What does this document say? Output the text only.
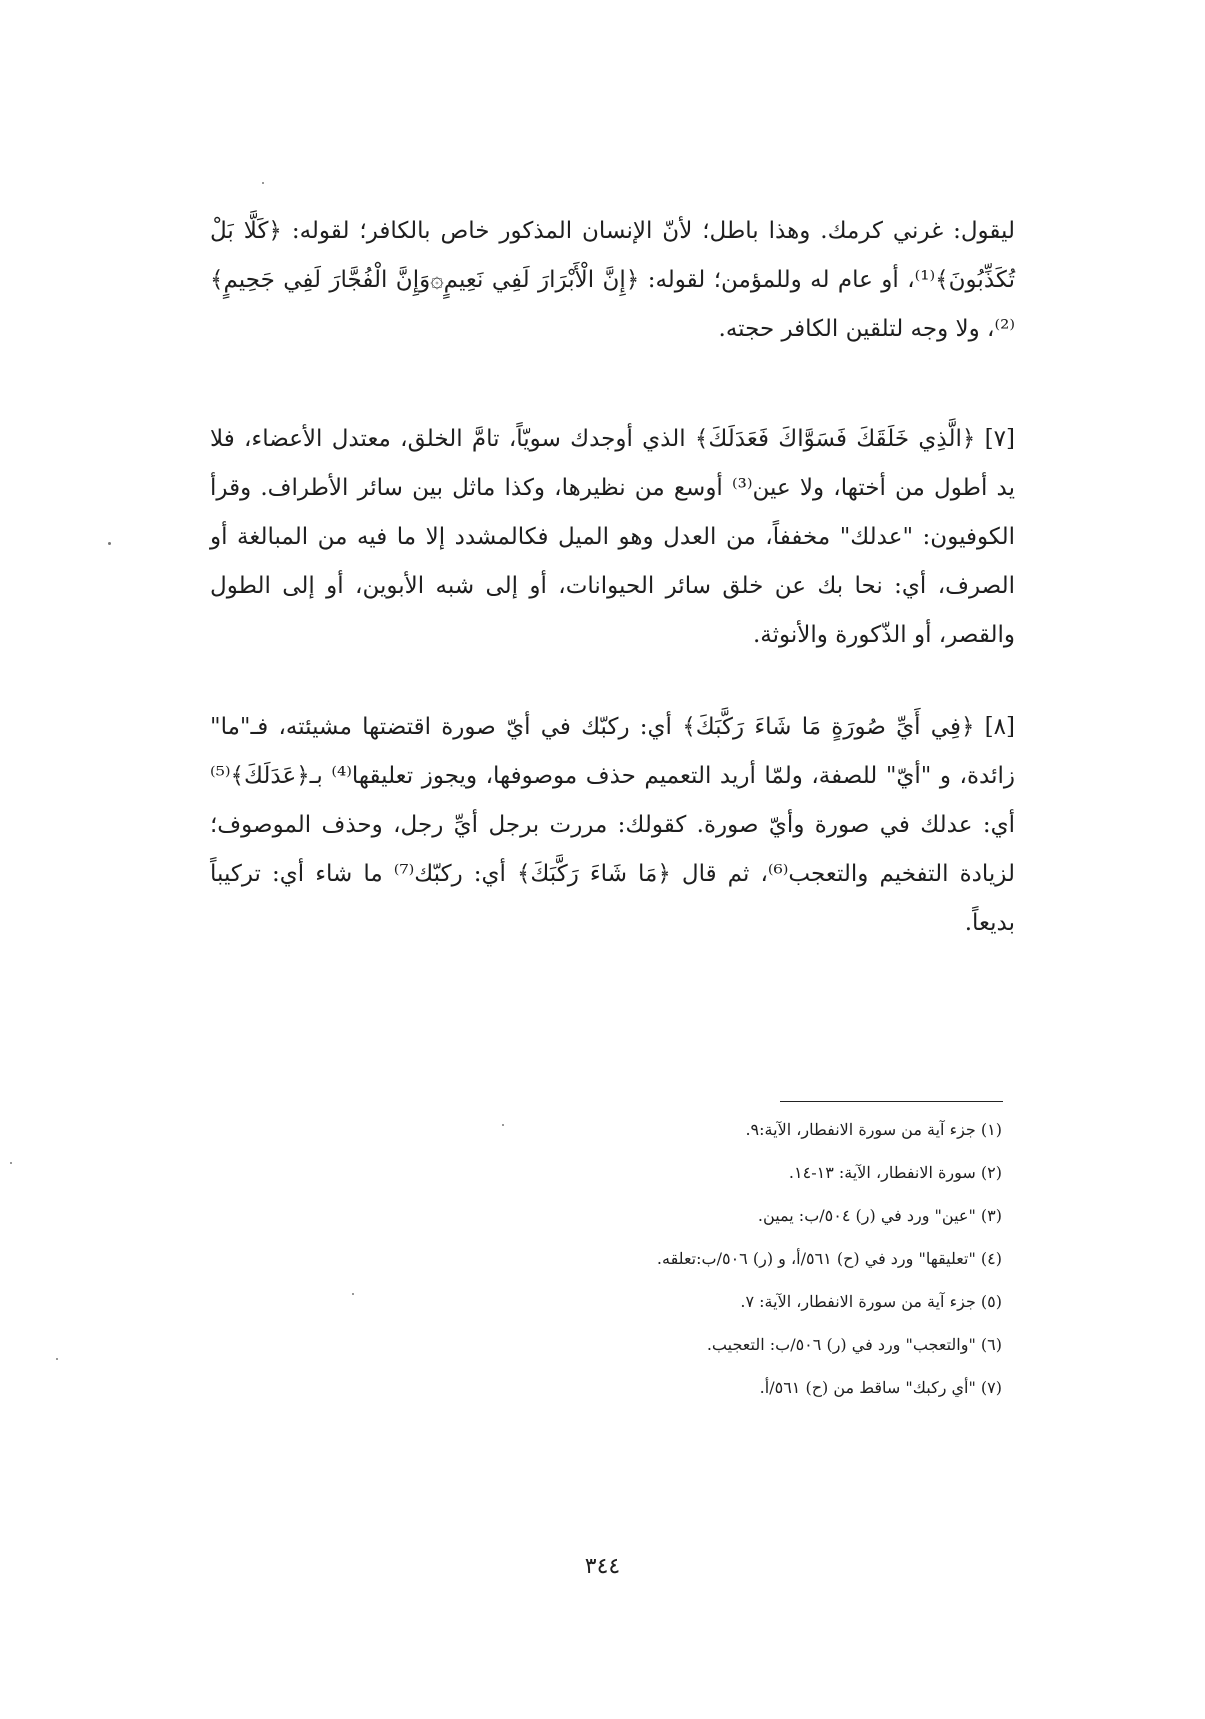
ليقول: غرني كرمك. وهذا باطل؛ لأنّ الإنسان المذكور خاص بالكافر؛ لقوله: ﴿كَلَّا بَلْ تُكَذِّبُونَ﴾⁽¹⁾، أو عام له وللمؤمن؛ لقوله: ﴿إِنَّ الْأَبْرَارَ لَفِي نَعِيمٍ۞وَإِنَّ الْفُجَّارَ لَفِي جَحِيمٍ﴾⁽²⁾، ولا وجه لتلقين الكافر حجته.

[٧] ﴿الَّذِي خَلَقَكَ فَسَوَّاكَ فَعَدَلَكَ﴾ الذي أوجدك سويّاً، تامَّ الخلق، معتدل الأعضاء، فلا يد أطول من أختها، ولا عين⁽³⁾ أوسع من نظيرها، وكذا ماثل بين سائر الأطراف. وقرأ الكوفيون: "عدلك" مخففاً، من العدل وهو الميل فكالمشدد إلا ما فيه من المبالغة أو الصرف، أي: نحا بك عن خلق سائر الحيوانات، أو إلى شبه الأبوين، أو إلى الطول والقصر، أو الذّكورة والأنوثة.

[٨] ﴿فِي أَيِّ صُورَةٍ مَا شَاءَ رَكَّبَكَ﴾ أي: ركبّك في أيّ صورة اقتضتها مشيئته، فـ"ما" زائدة، و "أيّ" للصفة، ولمّا أريد التعميم حذف موصوفها، ويجوز تعليقها⁽⁴⁾ بـ﴿عَدَلَكَ﴾⁽⁵⁾ أي: عدلك في صورة وأيّ صورة. كقولك: مررت برجل أيِّ رجل، وحذف الموصوف؛ لزيادة التفخيم والتعجب⁽⁶⁾، ثم قال ﴿مَا شَاءَ رَكَّبَكَ﴾ أي: ركبّك⁽⁷⁾ ما شاء أي: تركيباً بديعاً.

(١) جزء آية من سورة الانفطار، الآية:٩.
(٢) سورة الانفطار، الآية: ١٣-١٤.
(٣) "عين" ورد في (ر) ٥٠٤/ب: يمين.
(٤) "تعليقها" ورد في (ح) ٥٦١/أ، و (ر) ٥٠٦/ب:تعلقه.
(٥) جزء آية من سورة الانفطار، الآية: ٧.
(٦) "والتعجب" ورد في (ر) ٥٠٦/ب: التعجيب.
(٧) "أي ركبك" ساقط من (ح) ٥٦١/أ.
٣٤٤
